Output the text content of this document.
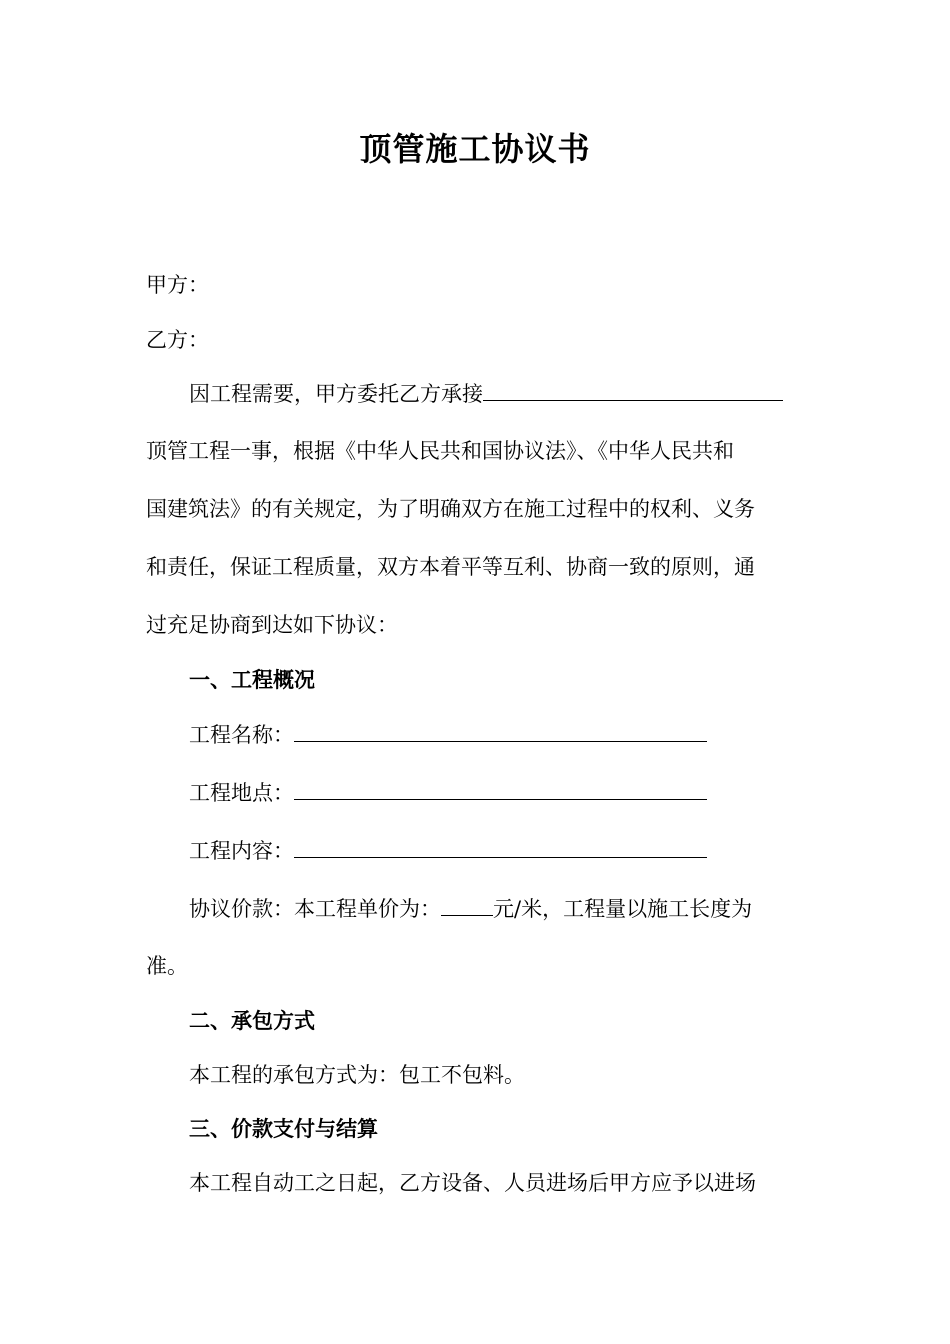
顶管施工协议书
甲方：
乙方：
因工程需要，甲方委托乙方承接
顶管工程一事，根据《中华人民共和国协议法》、《中华人民共和
国建筑法》的有关规定，为了明确双方在施工过程中的权利、义务
和责任，保证工程质量，双方本着平等互利、协商一致的原则，通
过充足协商到达如下协议：
一、工程概况
工程名称：
工程地点：
工程内容：
协议价款：本工程单价为： 元/米，工程量以施工长度为
准。
二、承包方式
本工程的承包方式为：包工不包料。
三、价款支付与结算
本工程自动工之日起，乙方设备、人员进场后甲方应予以进场
